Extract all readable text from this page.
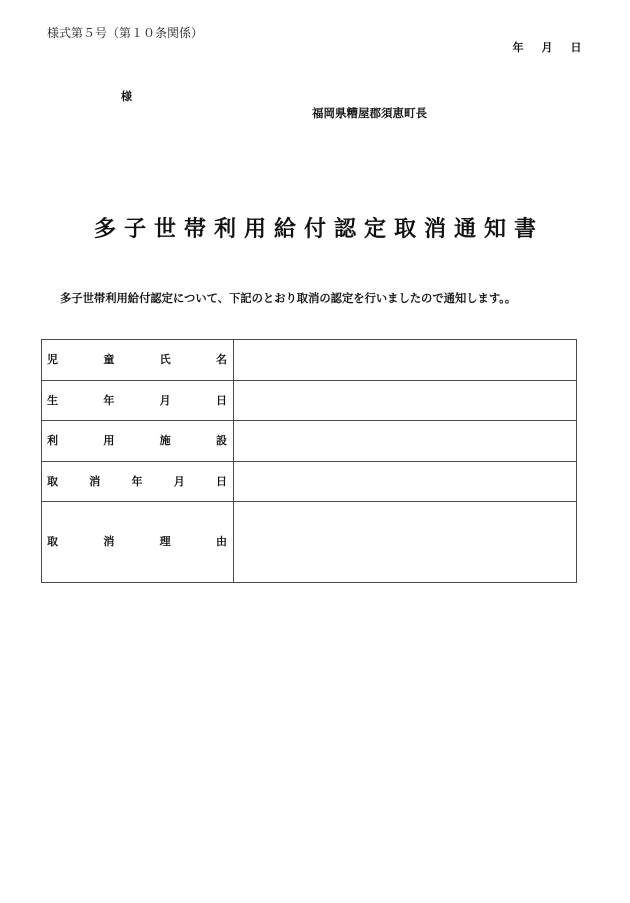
様式第５号（第１０条関係）
年　月　日
様
福岡県糟屋郡須恵町長
多子世帯利用給付認定取消通知書
多子世帯利用給付認定について、下記のとおり取消の認定を行いましたので通知します。。
児 童 氏 名	

生 年 月 日	

利 用 施 設	

取 消 年 月 日	

取 消 理 由	
